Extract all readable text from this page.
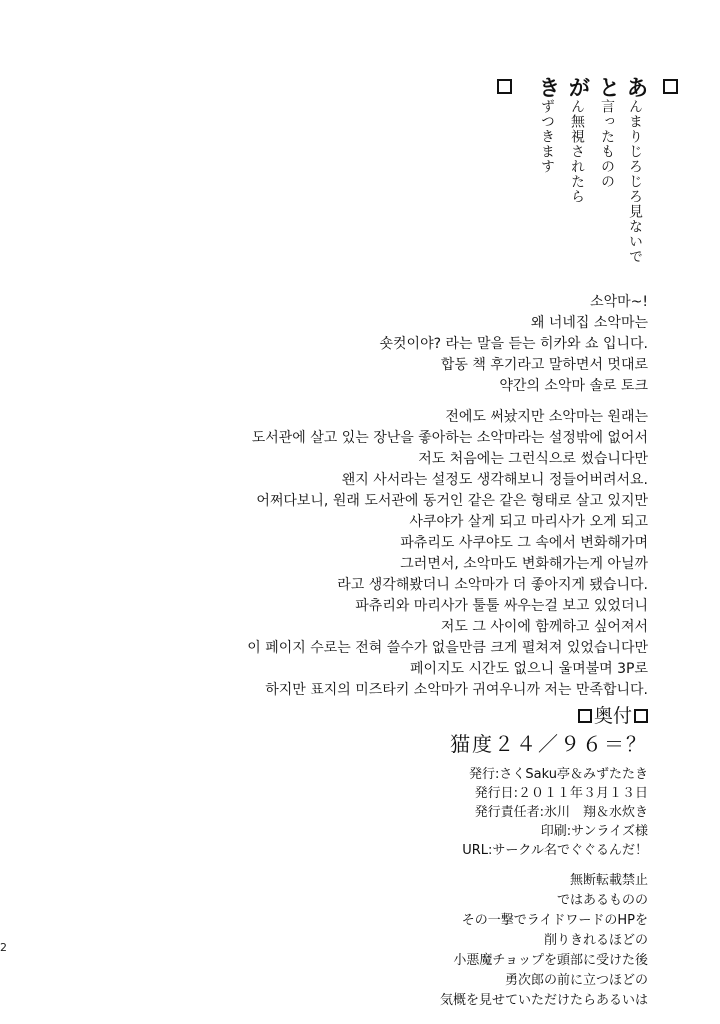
あんまりじろじろ見ないで
と言ったものの
がん無視されたら
きずつきます
소악마~!
왜 너네집 소악마는
숏컷이야? 라는 말을 듣는 히카와 쇼 입니다.
합동 책 후기라고 말하면서 멋대로
약간의 소악마 솔로 토크
전에도 써놨지만 소악마는 원래는
도서관에 살고 있는 장난을 좋아하는 소악마라는 설정밖에 없어서
저도 처음에는 그런식으로 썼습니다만
왠지 사서라는 설정도 생각해보니 정들어버려서요.
어쩌다보니, 원래 도서관에 동거인 같은 같은 형태로 살고 있지만
사쿠야가 살게 되고 마리사가 오게 되고
파츄리도 사쿠야도 그 속에서 변화해가며
그러면서, 소악마도 변화해가는게 아닐까
라고 생각해봤더니 소악마가 더 좋아지게 됐습니다.
파츄리와 마리사가 툴툴 싸우는걸 보고 있었더니
저도 그 사이에 함께하고 싶어져서
이 페이지 수로는 전혀 쓸수가 없을만큼 크게 펼쳐져 있었습니다만
페이지도 시간도 없으니 울며불며 3P로
하지만 표지의 미즈타키 소악마가 귀여우니까 저는 만족합니다.
奥付
猫度２４／９６＝？
発行:さくSaku亭＆みずたたき
発行日:２０１１年３月１３日
発行責任者:氷川　翔＆水炊き
印刷:サンライズ様
URL:サークル名でぐぐるんだ！
無断転載禁止
ではあるものの
その一撃でライドワードのHPを
削りきれるほどの
小悪魔チョップを頭部に受けた後
勇次郎の前に立つほどの
気概を見せていただけたらあるいは
2
